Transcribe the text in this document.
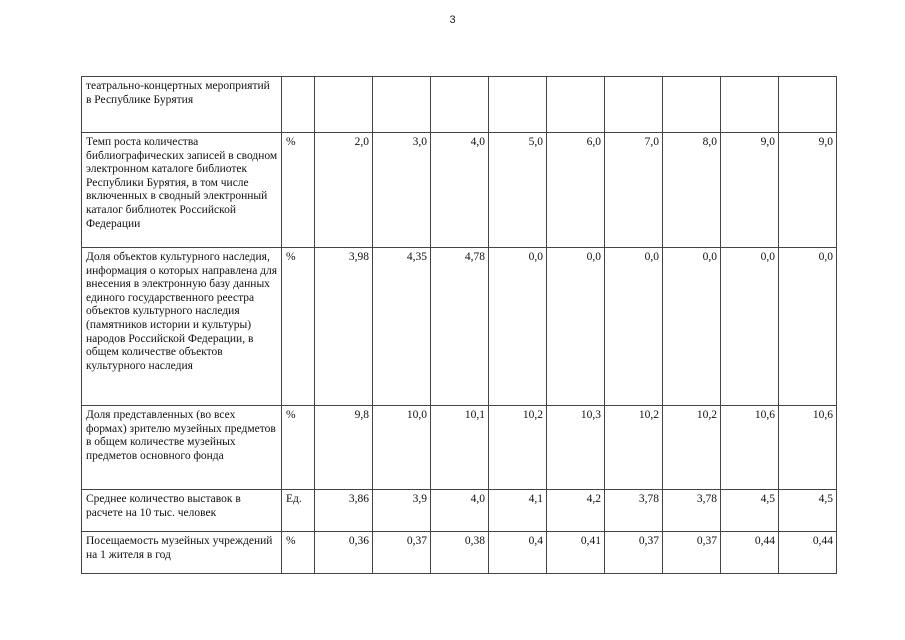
3
театрально-концертных мероприятий в Республике Бурятия										
Темп роста количества библиографических записей в сводном электронном каталоге библиотек Республики Бурятия, в том числе включенных в сводный электронный каталог библиотек Российской Федерации	%	2,0	3,0	4,0	5,0	6,0	7,0	8,0	9,0	9,0
Доля объектов культурного наследия, информация о которых направлена для внесения в электронную базу данных единого государственного реестра объектов культурного наследия (памятников истории и культуры) народов Российской Федерации, в общем количестве объектов культурного наследия	%	3,98	4,35	4,78	0,0	0,0	0,0	0,0	0,0	0,0
Доля представленных (во всех формах) зрителю музейных предметов в общем количестве музейных предметов основного фонда	%	9,8	10,0	10,1	10,2	10,3	10,2	10,2	10,6	10,6
Среднее количество выставок в расчете на 10 тыс. человек	Ед.	3,86	3,9	4,0	4,1	4,2	3,78	3,78	4,5	4,5
Посещаемость музейных учреждений на 1 жителя в год	%	0,36	0,37	0,38	0,4	0,41	0,37	0,37	0,44	0,44
